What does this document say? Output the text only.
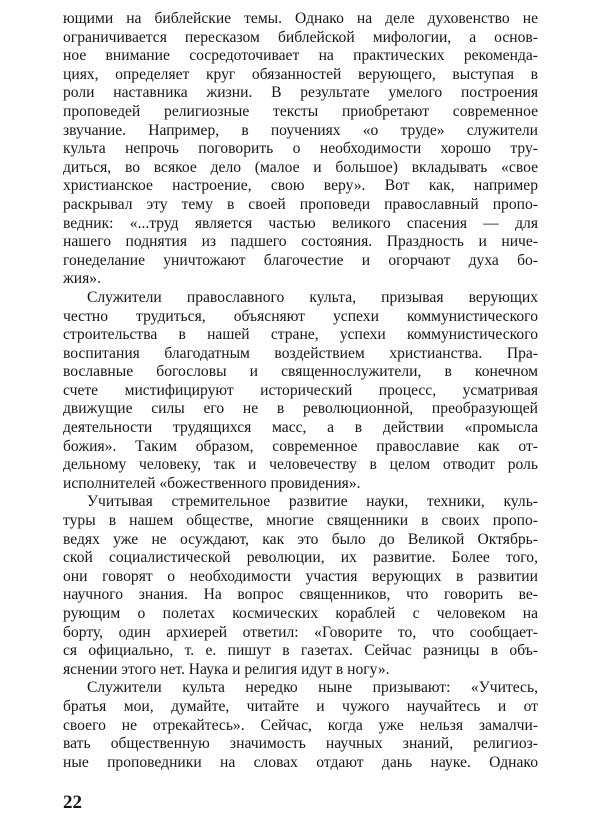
ющими на библейские темы. Однако на деле духовенство не
ограничивается пересказом библейской мифологии, а основ-
ное внимание сосредоточивает на практических рекоменда-
циях, определяет круг обязанностей верующего, выступая в
роли наставника жизни. В результате умелого построения
проповедей религиозные тексты приобретают современное
звучание. Например, в поучениях «о труде» служители
культа непрочь поговорить о необходимости хорошо тру-
диться, во всякое дело (малое и большое) вкладывать «свое
христианское настроение, свою веру». Вот как, например
раскрывал эту тему в своей проповеди православный пропо-
ведник: «...труд является частью великого спасения — для
нашего поднятия из падшего состояния. Праздность и ниче-
гонеделание уничтожают благочестие и огорчают духа бо-
жия».
Служители православного культа, призывая верующих
честно трудиться, объясняют успехи коммунистического
строительства в нашей стране, успехи коммунистического
воспитания благодатным воздействием христианства. Пра-
вославные богословы и священнослужители, в конечном
счете мистифицируют исторический процесс, усматривая
движущие силы его не в революционной, преобразующей
деятельности трудящихся масс, а в действии «промысла
божия». Таким образом, современное православие как от-
дельному человеку, так и человечеству в целом отводит роль
исполнителей «божественного провидения».
Учитывая стремительное развитие науки, техники, куль-
туры в нашем обществе, многие священники в своих пропо-
ведях уже не осуждают, как это было до Великой Октябрь-
ской социалистической революции, их развитие. Более того,
они говорят о необходимости участия верующих в развитии
научного знания. На вопрос священников, что говорить ве-
рующим о полетах космических кораблей с человеком на
борту, один архиерей ответил: «Говорите то, что сообщает-
ся официально, т. е. пишут в газетах. Сейчас разницы в объ-
яснении этого нет. Наука и религия идут в ногу».
Служители культа нередко ныне призывают: «Учитесь,
братья мои, думайте, читайте и чужого научайтесь и от
своего не отрекайтесь». Сейчас, когда уже нельзя замалчи-
вать общественную значимость научных знаний, религиоз-
ные проповедники на словах отдают дань науке. Однако
22
